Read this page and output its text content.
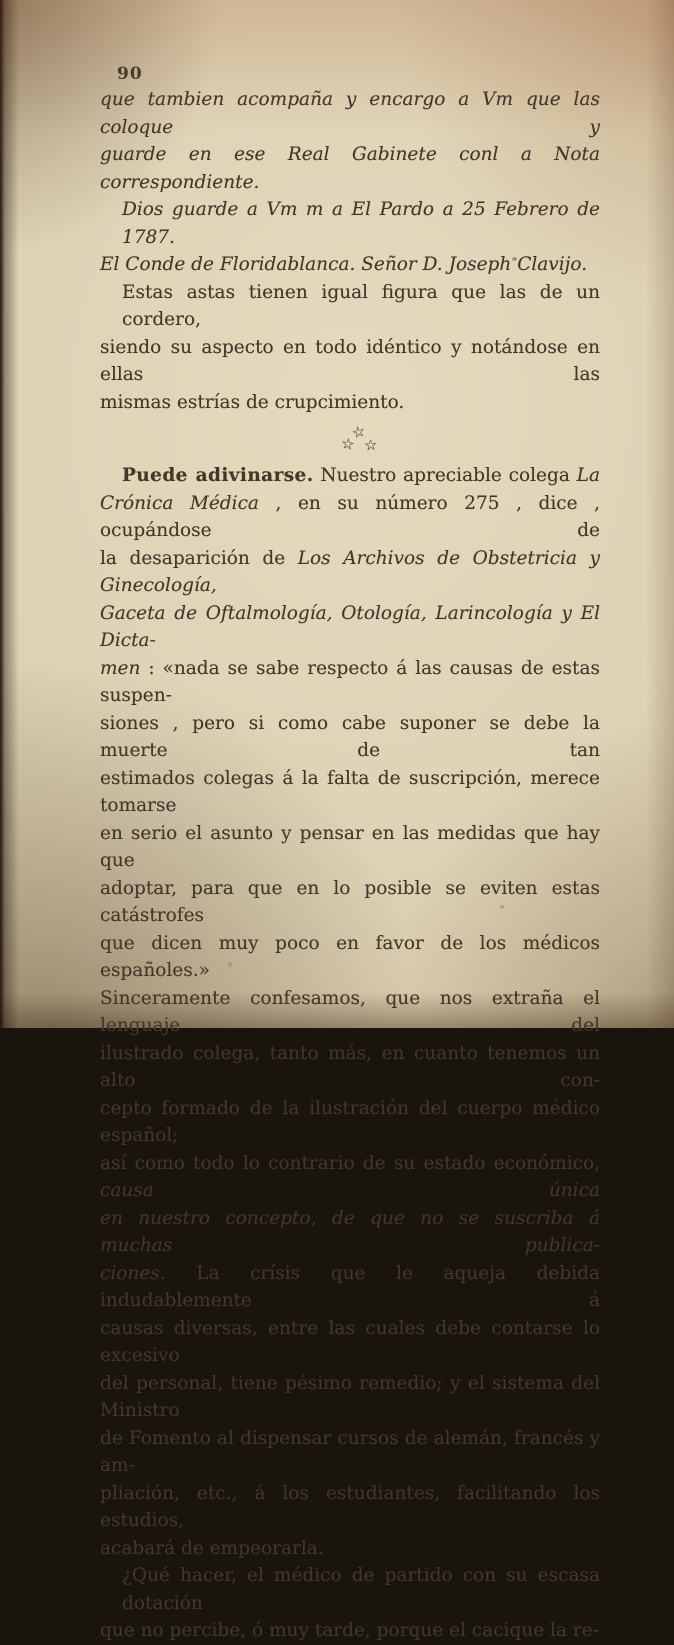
90
que tambien acompaña y encargo a Vm que las coloque y
guarde en ese Real Gabinete conl a Nota correspondiente.
Dios guarde a Vm m a El Pardo a 25 Febrero de 1787.
El Conde de Floridablanca. Señor D. Joseph Clavijo.
Estas astas tienen igual figura que las de un cordero,
siendo su aspecto en todo idéntico y notándose en ellas las
mismas estrías de crupcimiento.
☆
☆ ☆
Puede adivinarse. Nuestro apreciable colega La
Crónica Médica , en su número 275 , dice , ocupándose de
la desaparición de Los Archivos de Obstetricia y Ginecología,
Gaceta de Oftalmología, Otología, Larincología y El Dicta-
men : «nada se sabe respecto á las causas de estas suspen-
siones , pero si como cabe suponer se debe la muerte de tan
estimados colegas á la falta de suscripción, merece tomarse
en serio el asunto y pensar en las medidas que hay que
adoptar, para que en lo posible se eviten estas catástrofes
que dicen muy poco en favor de los médicos españoles.»
Sinceramente confesamos, que nos extraña el lenguaje del
ilustrado colega, tanto más, en cuanto tenemos un alto con-
cepto formado de la ilustración del cuerpo médico español;
así como todo lo contrario de su estado económico, causa única
en nuestro concepto, de que no se suscriba á muchas publica-
ciones. La crísis que le aqueja debida indudablemente á
causas diversas, entre las cuales debe contarse lo excesivo
del personal, tiene pésimo remedio; y el sistema del Ministro
de Fomento al dispensar cursos de alemán, francés y am-
pliación, etc., á los estudiantes, facilitando los estudios,
acabará de empeorarla.
¿Qué hacer, el médico de partido con su escasa dotación
que no percibe, ó muy tarde, porque el cacique la re-
